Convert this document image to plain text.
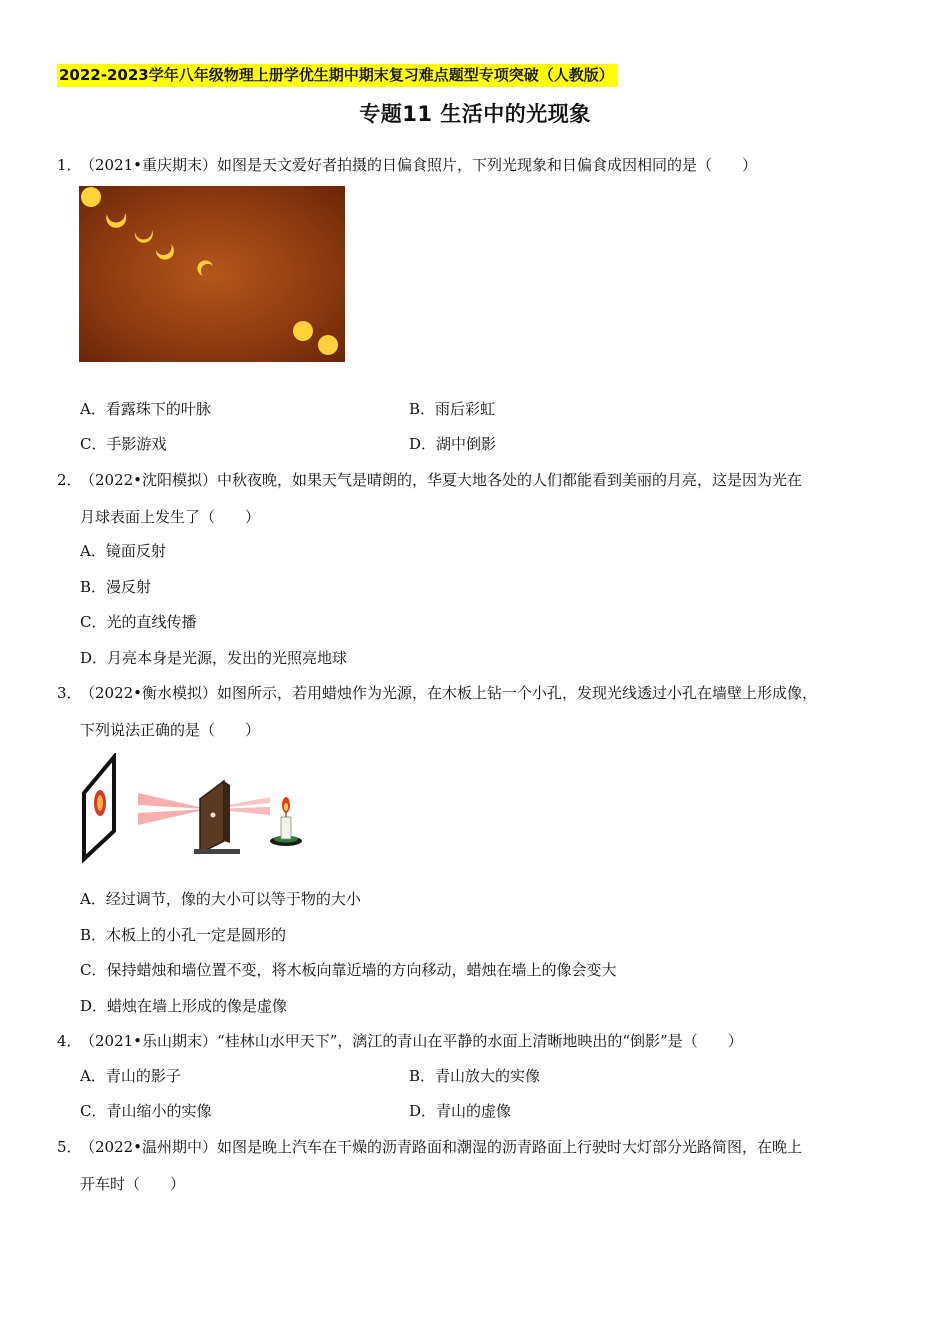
2022-2023学年八年级物理上册学优生期中期末复习难点题型专项突破（人教版）
专题11 生活中的光现象
1．
（2021•重庆期末）如图是天文爱好者拍摄的日偏食照片，下列光现象和日偏食成因相同的是（　　）
A．看露珠下的叶脉	B．雨后彩虹
C．手影游戏	D．湖中倒影
2．
（2022•沈阳模拟）中秋夜晚，如果天气是晴朗的，华夏大地各处的人们都能看到美丽的月亮，这是因为光在
月球表面上发生了（　　）
A．镜面反射
B．漫反射
C．光的直线传播
D．月亮本身是光源，发出的光照亮地球
3．
（2022•衡水模拟）如图所示，若用蜡烛作为光源，在木板上钻一个小孔，发现光线透过小孔在墙壁上形成像，
下列说法正确的是（　　）
A．经过调节，像的大小可以等于物的大小
B．木板上的小孔一定是圆形的
C．保持蜡烛和墙位置不变，将木板向靠近墙的方向移动，蜡烛在墙上的像会变大
D．蜡烛在墙上形成的像是虚像
4．
（2021•乐山期末）“桂林山水甲天下”，漓江的青山在平静的水面上清晰地映出的“倒影”是（　　）
A．青山的影子	B．青山放大的实像
C．青山缩小的实像	D．青山的虚像
5．
（2022•温州期中）如图是晚上汽车在干燥的沥青路面和潮湿的沥青路面上行驶时大灯部分光路简图，在晚上
开车时（　　）
